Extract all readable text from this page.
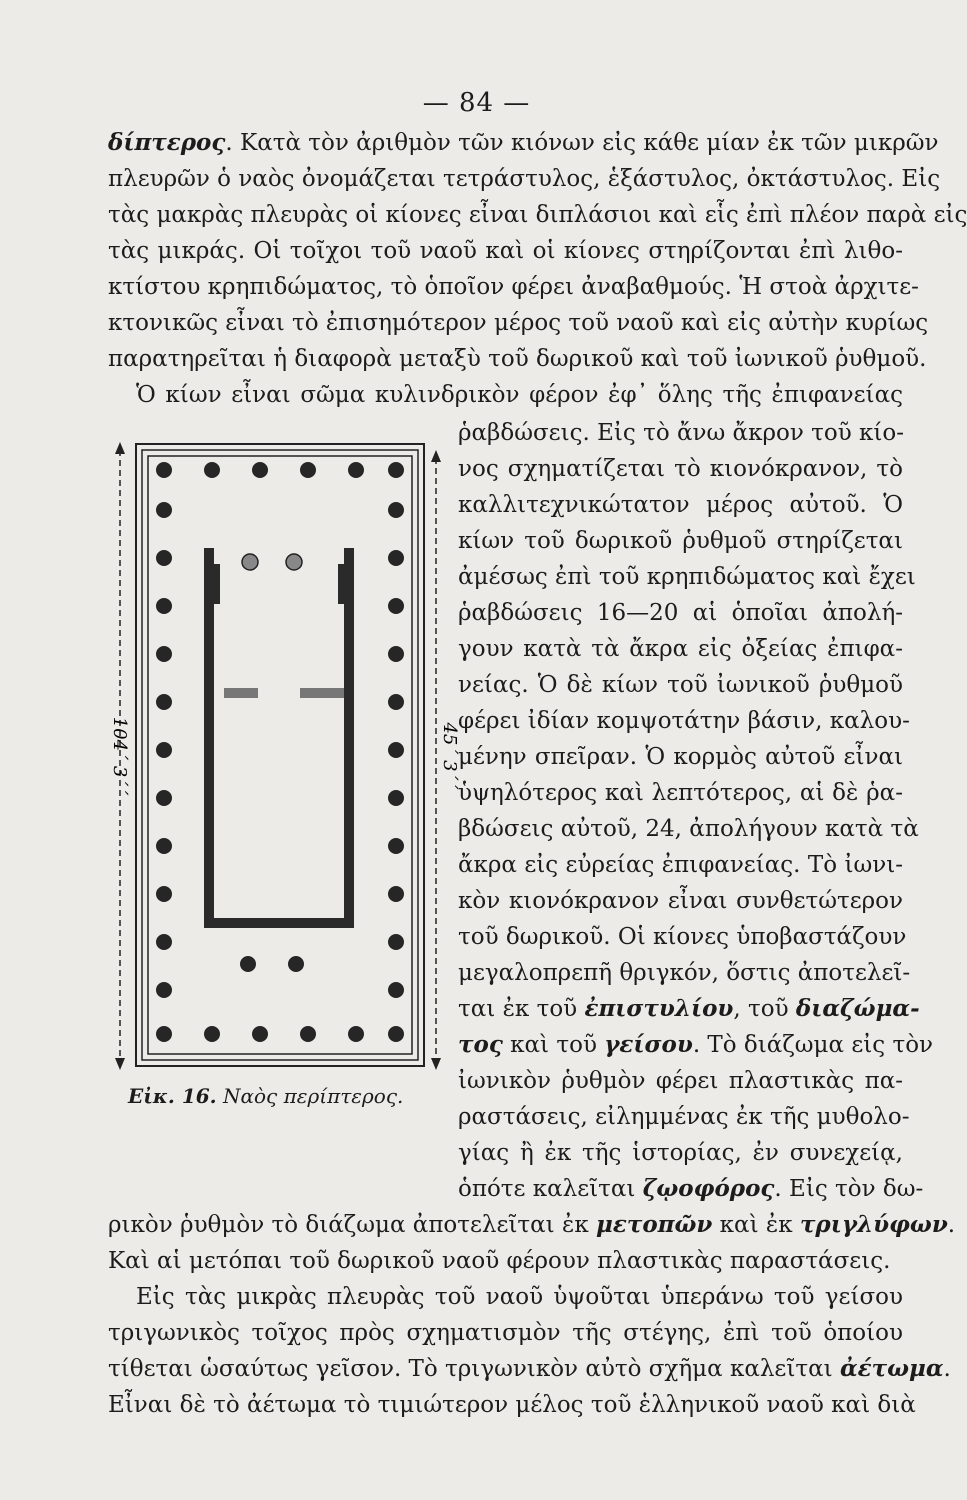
— 84 —
δίπτερος. Κατὰ τὸν ἀριθμὸν τῶν κιόνων εἰς κάθε μίαν ἐκ τῶν μικρῶν
πλευρῶν ὁ ναὸς ὀνομάζεται τετράστυλος, ἑξάστυλος, ὀκτάστυλος. Εἰς
τὰς μακρὰς πλευρὰς οἱ κίονες εἶναι διπλάσιοι καὶ εἷς ἐπὶ πλέον παρὰ εἰς
τὰς μικράς. Οἱ τοῖχοι τοῦ ναοῦ καὶ οἱ κίονες στηρίζονται ἐπὶ λιθο-
κτίστου κρηπιδώματος, τὸ ὁποῖον φέρει ἀναβαθμούς. Ἡ στοὰ ἀρχιτε-
κτονικῶς εἶναι τὸ ἐπισημότερον μέρος τοῦ ναοῦ καὶ εἰς αὐτὴν κυρίως
παρατηρεῖται ἡ διαφορὰ μεταξὺ τοῦ δωρικοῦ καὶ τοῦ ἰωνικοῦ ῥυθμοῦ.
Ὁ κίων εἶναι σῶμα κυλινδρικὸν φέρον ἐφ᾽ ὅλης τῆς ἐπιφανείας
ῥαβδώσεις. Εἰς τὸ ἄνω ἄκρον τοῦ κίο-
νος σχηματίζεται τὸ κιονόκρανον, τὸ
καλλιτεχνικώτατον μέρος αὐτοῦ. Ὁ
κίων τοῦ δωρικοῦ ῥυθμοῦ στηρίζεται
ἀμέσως ἐπὶ τοῦ κρηπιδώματος καὶ ἔχει
ῥαβδώσεις 16—20 αἱ ὁποῖαι ἀπολή-
γουν κατὰ τὰ ἄκρα εἰς ὀξείας ἐπιφα-
νείας. Ὁ δὲ κίων τοῦ ἰωνικοῦ ῥυθμοῦ
φέρει ἰδίαν κομψοτάτην βάσιν, καλου-
μένην σπεῖραν. Ὁ κορμὸς αὐτοῦ εἶναι
ὑψηλότερος καὶ λεπτότερος, αἱ δὲ ῥα-
βδώσεις αὐτοῦ, 24, ἀπολήγουν κατὰ τὰ
ἄκρα εἰς εὐρείας ἐπιφανείας. Τὸ ἰωνι-
κὸν κιονόκρανον εἶναι συνθετώτερον
τοῦ δωρικοῦ. Οἱ κίονες ὑποβαστάζουν
μεγαλοπρεπῆ θριγκόν, ὅστις ἀποτελεῖ-
ται ἐκ τοῦ ἐπιστυλίου, τοῦ διαζώμα-
τος καὶ τοῦ γείσου. Τὸ διάζωμα εἰς τὸν
ἰωνικὸν ῥυθμὸν φέρει πλαστικὰς πα-
ραστάσεις, εἰλημμένας ἐκ τῆς μυθολο-
γίας ἢ ἐκ τῆς ἱστορίας, ἐν συνεχείᾳ,
ὁπότε καλεῖται ζῳοφόρος. Εἰς τὸν δω-
ρικὸν ῥυθμὸν τὸ διάζωμα ἀποτελεῖται ἐκ μετοπῶν καὶ ἐκ τριγλύφων.
Καὶ αἱ μετόπαι τοῦ δωρικοῦ ναοῦ φέρουν πλαστικὰς παραστάσεις.
Εἰς τὰς μικρὰς πλευρὰς τοῦ ναοῦ ὑψοῦται ὑπεράνω τοῦ γείσου
τριγωνικὸς τοῖχος πρὸς σχηματισμὸν τῆς στέγης, ἐπὶ τοῦ ὁποίου
τίθεται ὡσαύτως γεῖσον. Τὸ τριγωνικὸν αὐτὸ σχῆμα καλεῖται ἀέτωμα.
Εἶναι δὲ τὸ ἀέτωμα τὸ τιμιώτερον μέλος τοῦ ἑλληνικοῦ ναοῦ καὶ διὰ
104΄ 3΄΄	45΄ 3΄΄
Εἰκ. 16. Ναὸς περίπτερος.
